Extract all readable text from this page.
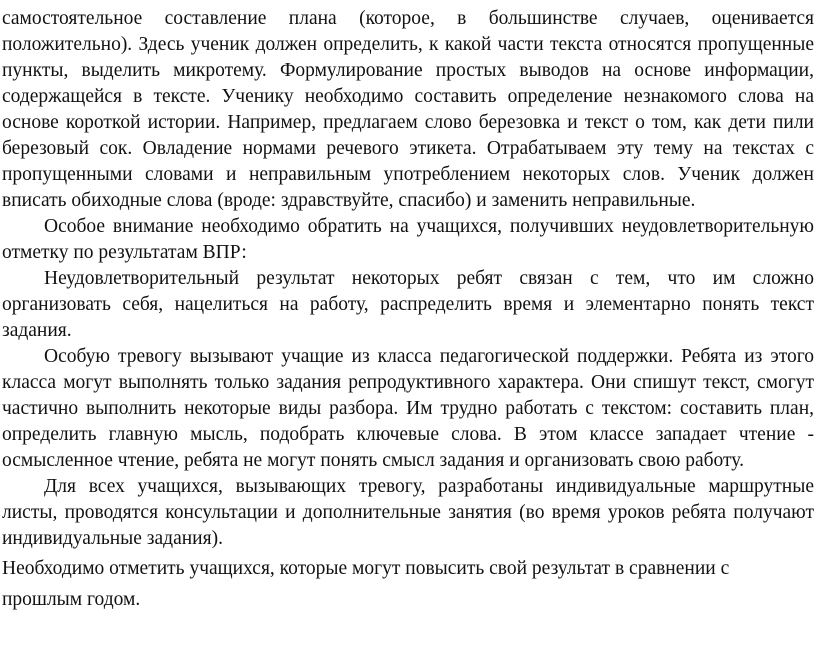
самостоятельное составление плана (которое, в большинстве случаев, оценивается положительно). Здесь ученик должен определить, к какой части текста относятся пропущенные пункты, выделить микротему. Формулирование простых выводов на основе информации, содержащейся в тексте. Ученику необходимо составить определение незнакомого слова на основе короткой истории. Например, предлагаем слово березовка и текст о том, как дети пили березовый сок. Овладение нормами речевого этикета. Отрабатываем эту тему на текстах с пропущенными словами и неправильным употреблением некоторых слов. Ученик должен вписать обиходные слова (вроде: здравствуйте, спасибо) и заменить неправильные.

Особое внимание необходимо обратить на учащихся, получивших неудовлетворительную отметку по результатам ВПР:

Неудовлетворительный результат некоторых ребят связан с тем, что им сложно организовать себя, нацелиться на работу, распределить время и элементарно понять текст задания.

Особую тревогу вызывают учащие из класса педагогической поддержки. Ребята из этого класса могут выполнять только задания репродуктивного характера. Они спишут текст, смогут частично выполнить некоторые виды разбора. Им трудно работать с текстом: составить план, определить главную мысль, подобрать ключевые слова. В этом классе западает чтение - осмысленное чтение, ребята не могут понять смысл задания и организовать свою работу.

Для всех учащихся, вызывающих тревогу, разработаны индивидуальные маршрутные листы, проводятся консультации и дополнительные занятия (во время уроков ребята получают индивидуальные задания).

Необходимо отметить учащихся, которые могут повысить свой результат в сравнении с прошлым годом.
